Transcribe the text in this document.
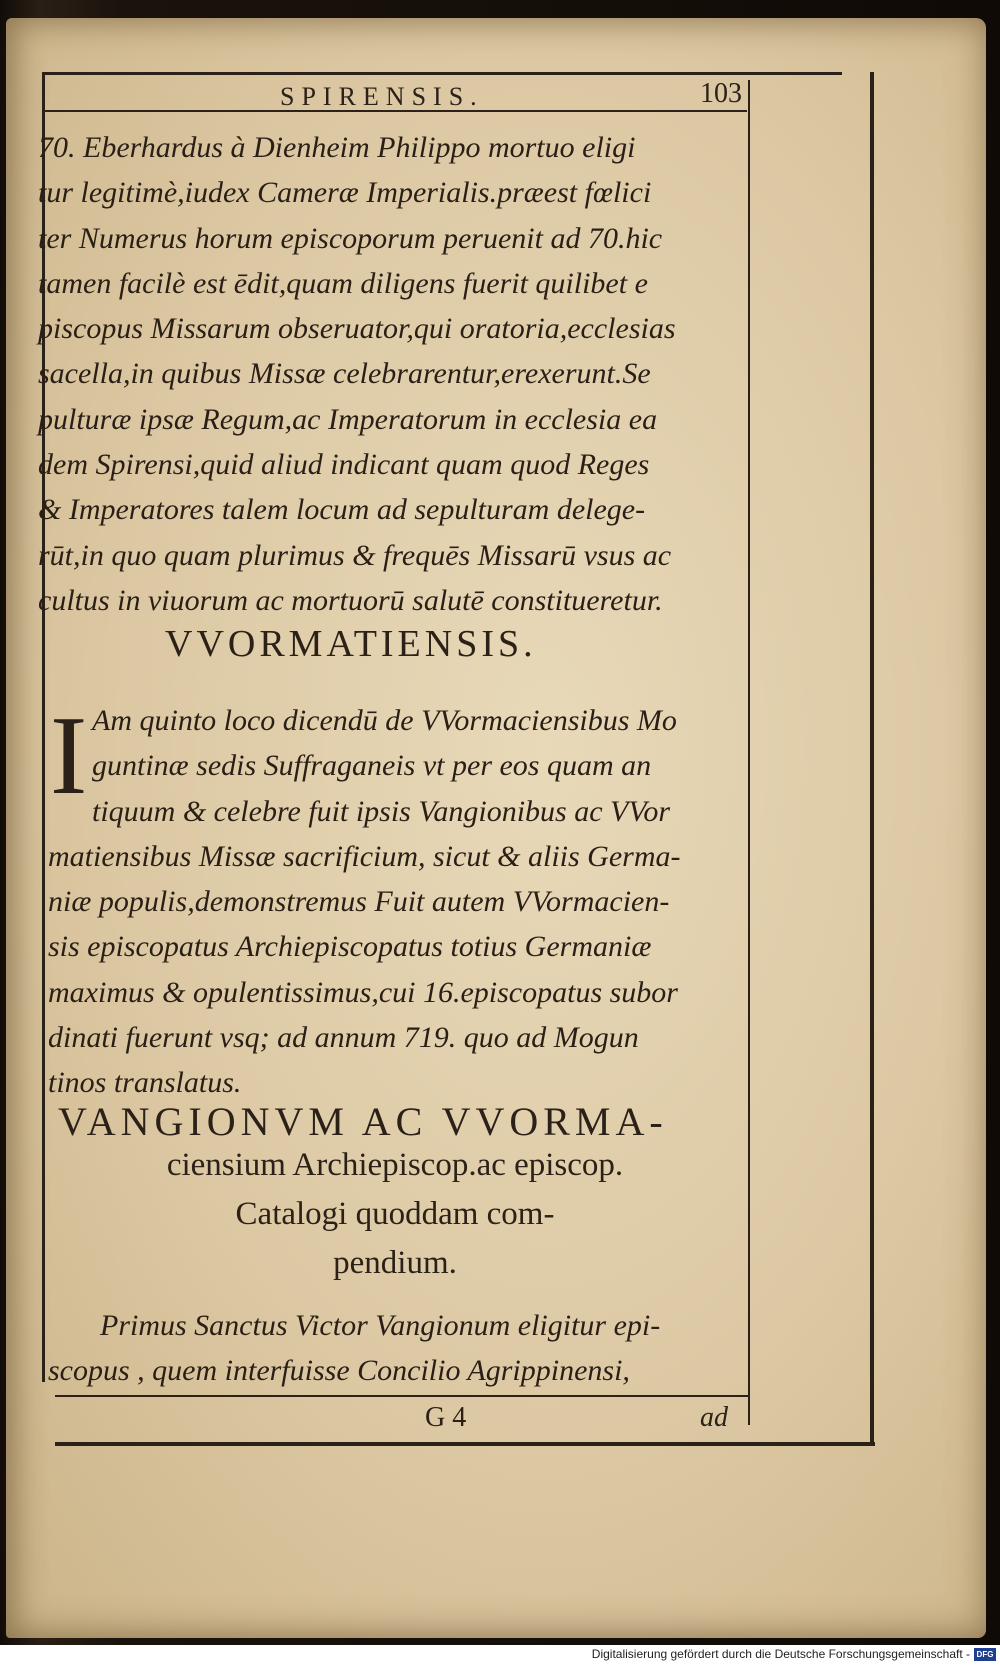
SPIRENSIS.	103
70. Eberhardus à Dienheim Philippo mortuo eligi
tur legitimè,iudex Cameræ Imperialis.præest fœlici
ter Numerus horum episcoporum peruenit ad 70.hic
tamen facilè est ēdit,quam diligens fuerit quilibet e
piscopus Missarum obseruator,qui oratoria,ecclesias
sacella,in quibus Missæ celebrarentur,erexerunt.Se
pulturæ ipsæ Regum,ac Imperatorum in ecclesia ea
dem Spirensi,quid aliud indicant quam quod Reges
& Imperatores talem locum ad sepulturam delege-
rūt,in quo quam plurimus & frequēs Missarū vsus ac
cultus in viuorum ac mortuorū salutē constitueretur.
VVORMATIENSIS.
I Am quinto loco dicendū de VVormaciensibus Mo
guntinæ sedis Suffraganeis vt per eos quam an
tiquum & celebre fuit ipsis Vangionibus ac VVor
matiensibus Missæ sacrificium, sicut & aliis Germa-
niæ populis,demonstremus Fuit autem VVormacien-
sis episcopatus Archiepiscopatus totius Germaniæ
maximus & opulentissimus,cui 16.episcopatus subor
dinati fuerunt vsq; ad annum 719. quo ad Mogun
tinos translatus.
VANGIONVM AC VVORMA-
ciensium Archiepiscop.ac episcop.
Catalogi quoddam com-
pendium.
Primus Sanctus Victor Vangionum eligitur epi-
scopus , quem interfuisse Concilio Agrippinensi,
G 4	ad
Digitalisierung gefördert durch die Deutsche Forschungsgemeinschaft - DFG
